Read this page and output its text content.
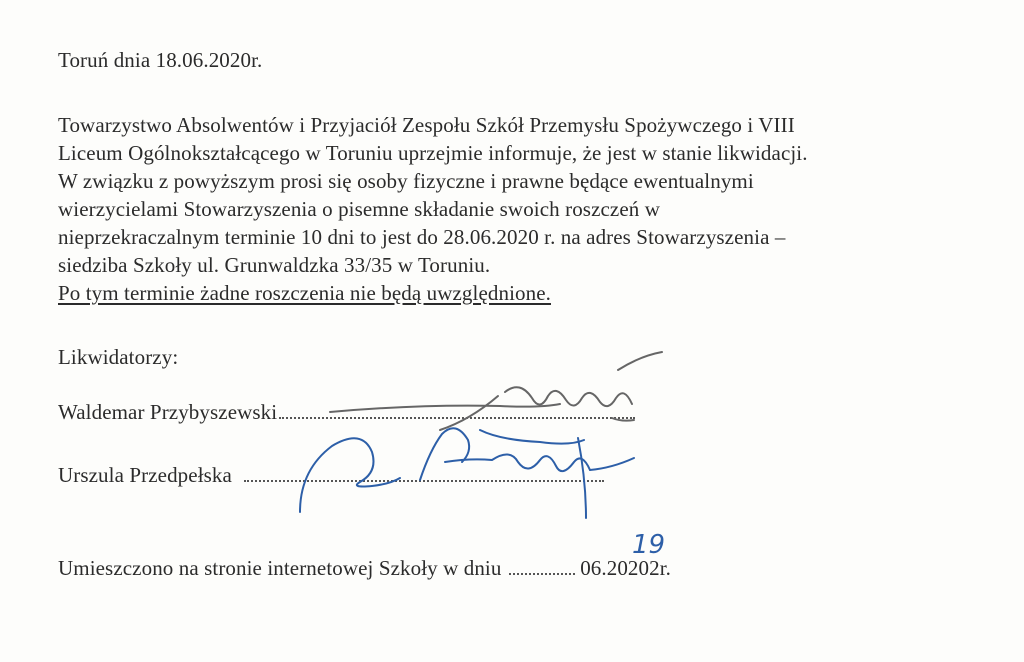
Toruń dnia 18.06.2020r.
Towarzystwo Absolwentów i Przyjaciół Zespołu Szkół Przemysłu Spożywczego i VIII
Liceum Ogólnokształcącego w Toruniu uprzejmie informuje, że jest w stanie likwidacji.
W związku z powyższym prosi się osoby fizyczne i prawne będące ewentualnymi
wierzycielami Stowarzyszenia o pisemne składanie swoich roszczeń w
nieprzekraczalnym terminie 10 dni to jest do 28.06.2020 r. na adres Stowarzyszenia –
siedziba Szkoły ul. Grunwaldzka 33/35 w Toruniu.
Po tym terminie żadne roszczenia nie będą uwzględnione.
Likwidatorzy:
Waldemar Przybyszewski
Urszula Przedpełska
Umieszczono na stronie internetowej Szkoły w dniu	06.20202r.
19
